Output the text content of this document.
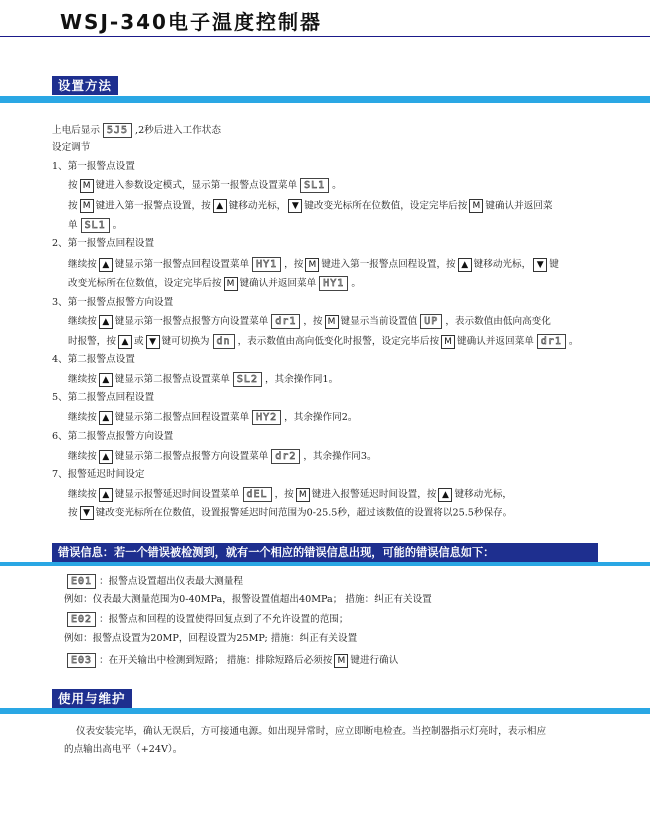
WSJ-340电子温度控制器
设置方法
上电后显示 5J5 ,2秒后进入工作状态
设定调节
1、第一报警点设置
按 M 键进入参数设定模式，显示第一报警点设置菜单 SL1 。
按 M 键进入第一报警点设置，按 ▲ 键移动光标， ▼ 键改变光标所在位数值，设定完毕后按 M 键确认并返回菜
单 SL1 。
2、第一报警点回程设置
继续按 ▲ 键显示第一报警点回程设置菜单 HY1 ，按 M 键进入第一报警点回程设置，按 ▲ 键移动光标， ▼ 键
改变光标所在位数值，设定完毕后按 M 键确认并返回菜单 HY1 。
3、第一报警点报警方向设置
继续按 ▲ 键显示第一报警点报警方向设置菜单 dr1 ，按 M 键显示当前设置值 UP ，表示数值由低向高变化
时报警，按 ▲ 或 ▼ 键可切换为 dn ，表示数值由高向低变化时报警，设定完毕后按 M 键确认并返回菜单 dr1 。
4、第二报警点设置
继续按 ▲ 键显示第二报警点设置菜单 SL2 ，其余操作同1。
5、第二报警点回程设置
继续按 ▲ 键显示第二报警点回程设置菜单 HY2 ，其余操作同2。
6、第二报警点报警方向设置
继续按 ▲ 键显示第二报警点报警方向设置菜单 dr2 ，其余操作同3。
7、报警延迟时间设定
继续按 ▲ 键显示报警延迟时间设置菜单 dEL ，按 M 键进入报警延迟时间设置，按 ▲ 键移动光标，
按 ▼ 键改变光标所在位数值，设置报警延迟时间范围为0-25.5秒，超过该数值的设置将以25.5秒保存。
错误信息：若一个错误被检测到，就有一个相应的错误信息出现，可能的错误信息如下：
E01 ：报警点设置超出仪表最大测量程
例如：仪表最大测量范围为0-40MPa，报警设置值超出40MPa； 措施：纠正有关设置
E02 ：报警点和回程的设置使得回复点到了不允许设置的范围；
例如：报警点设置为20MP，回程设置为25MP; 措施：纠正有关设置
E03 ：在开关输出中检测到短路； 措施：排除短路后必须按 M 键进行确认
使用与维护
仪表安装完毕，确认无误后，方可接通电源。如出现异常时，应立即断电检查。当控制器指示灯亮时，表示相应
的点输出高电平（+24V）。
